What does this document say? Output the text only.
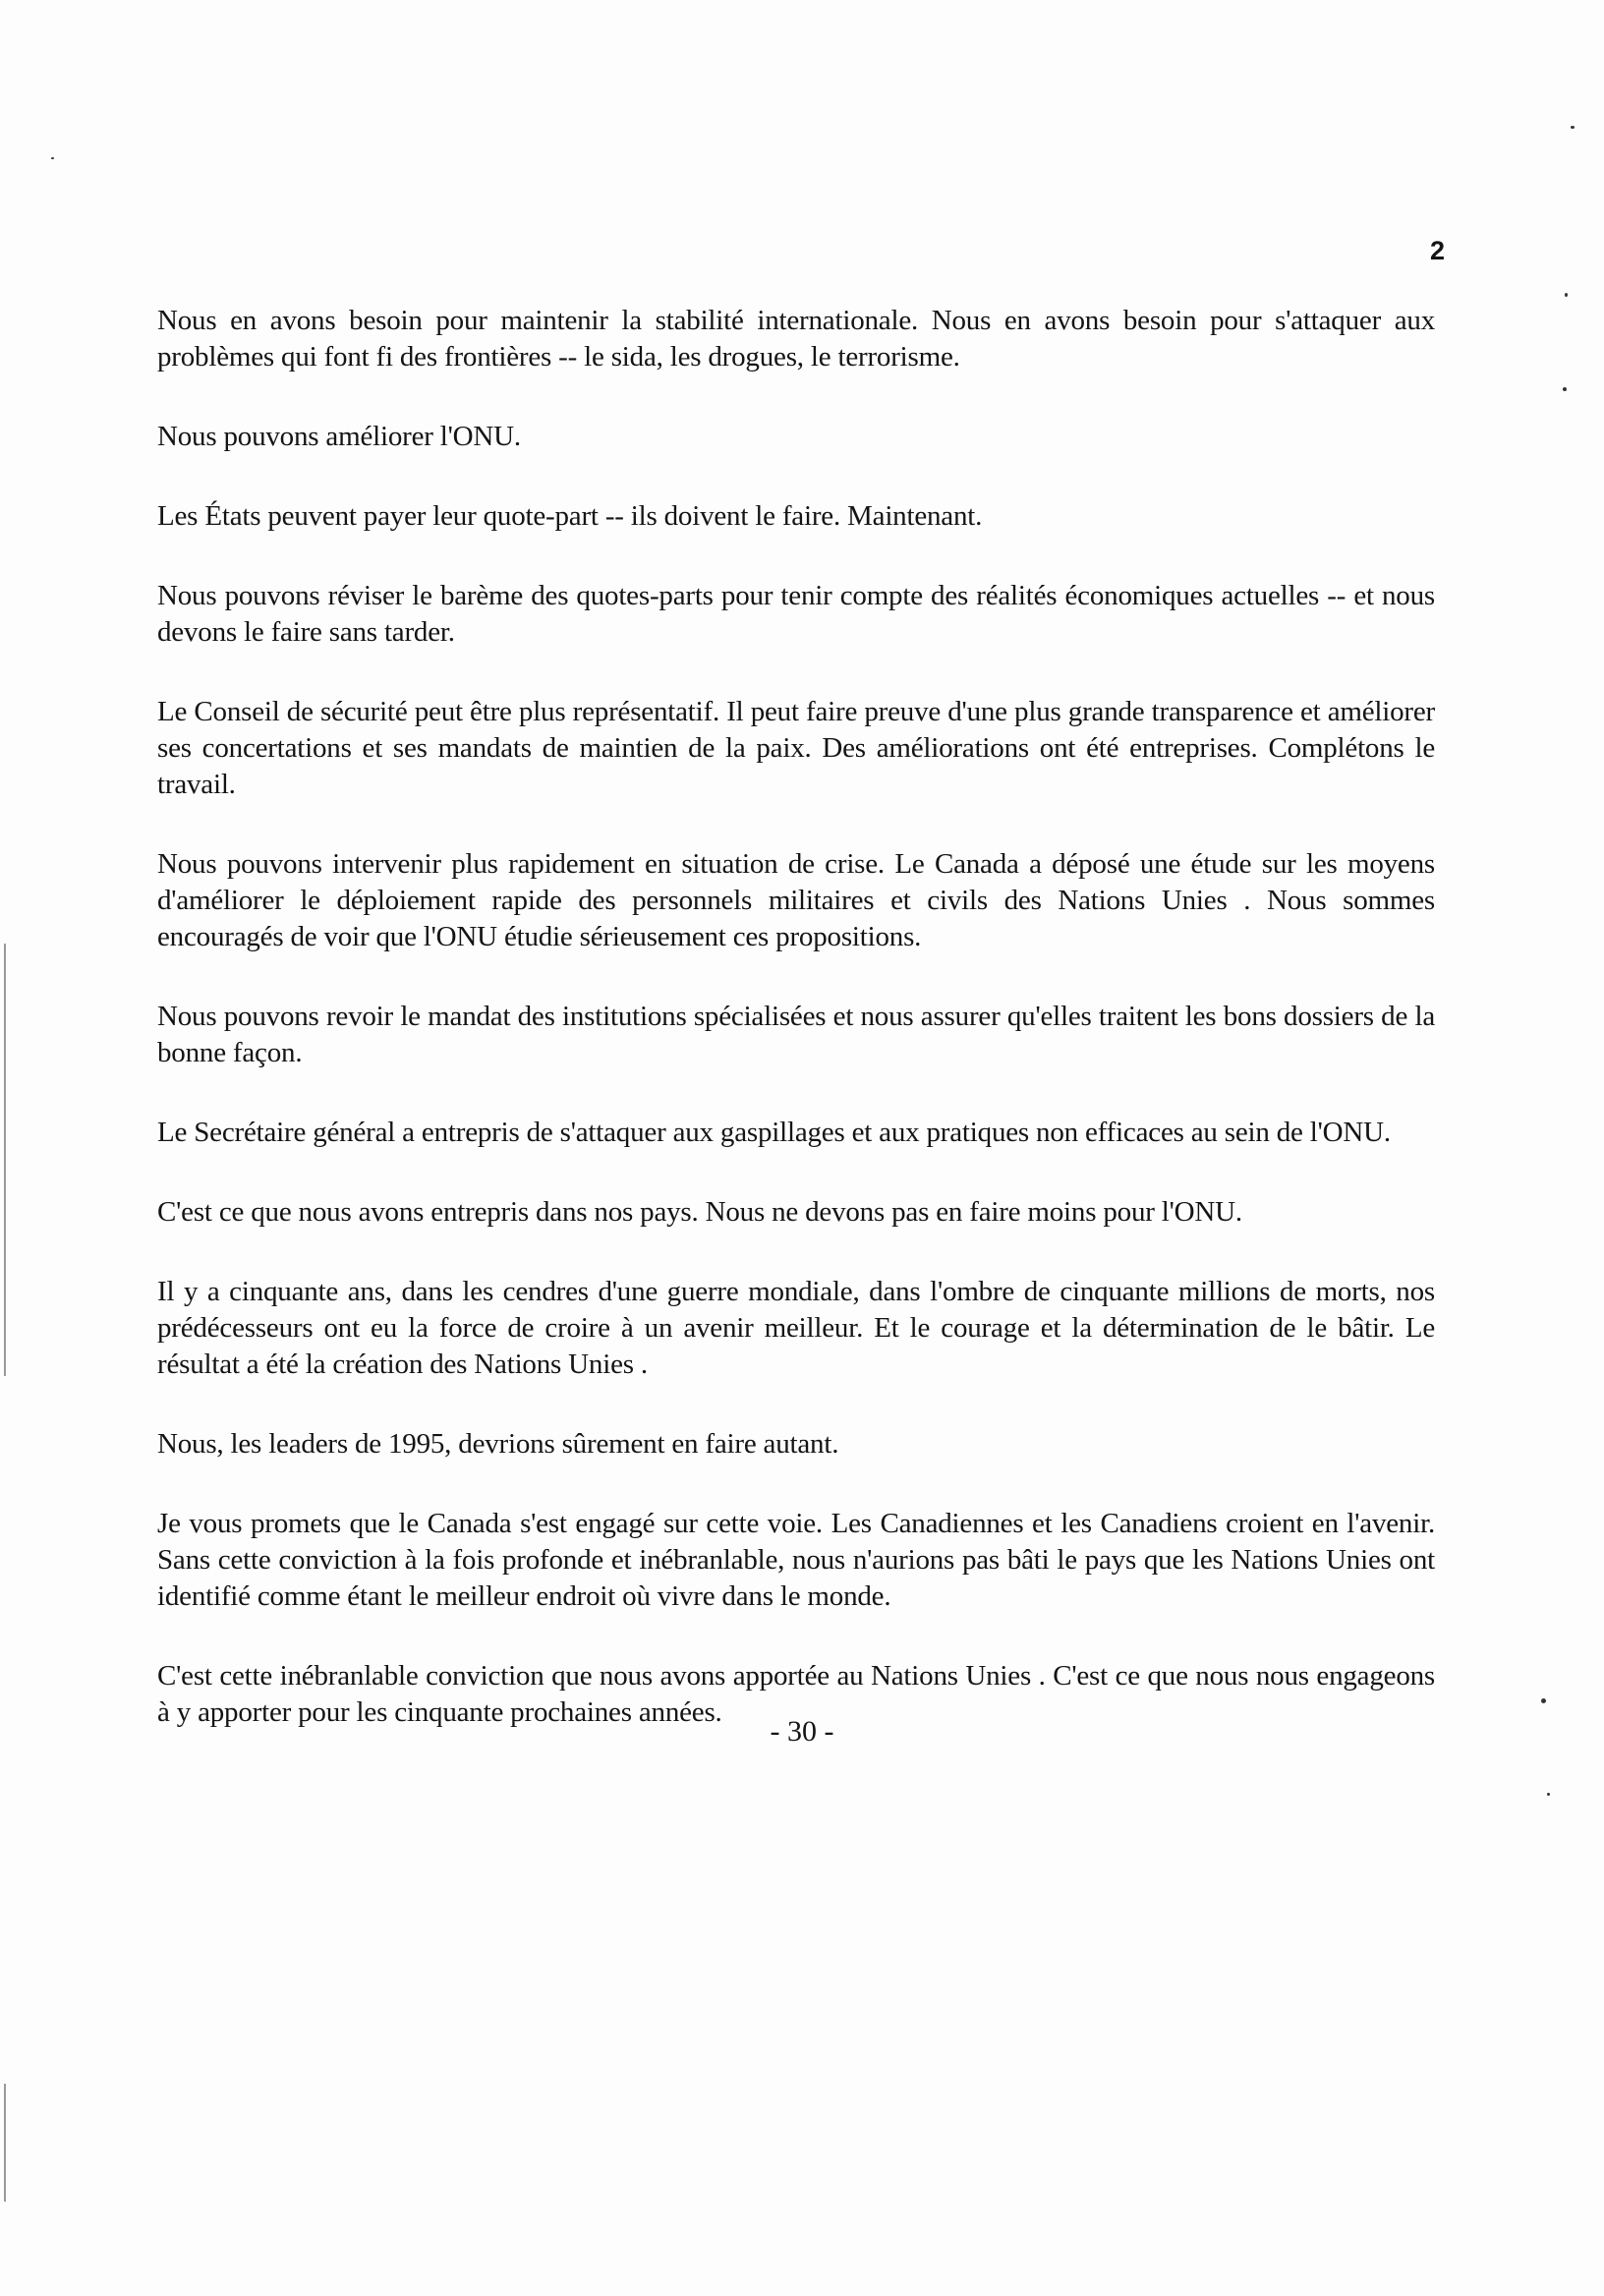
2

Nous en avons besoin pour maintenir la stabilité internationale. Nous en avons besoin pour s'attaquer aux problèmes qui font fi des frontières -- le sida, les drogues, le terrorisme.

Nous pouvons améliorer l'ONU.

Les États peuvent payer leur quote-part -- ils doivent le faire. Maintenant.

Nous pouvons réviser le barème des quotes-parts pour tenir compte des réalités économiques actuelles -- et nous devons le faire sans tarder.

Le Conseil de sécurité peut être plus représentatif. Il peut faire preuve d'une plus grande transparence et améliorer ses concertations et ses mandats de maintien de la paix. Des améliorations ont été entreprises. Complétons le travail.

Nous pouvons intervenir plus rapidement en situation de crise. Le Canada a déposé une étude sur les moyens d'améliorer le déploiement rapide des personnels militaires et civils des Nations Unies . Nous sommes encouragés de voir que l'ONU étudie sérieusement ces propositions.

Nous pouvons revoir le mandat des institutions spécialisées et nous assurer qu'elles traitent les bons dossiers de la bonne façon.

Le Secrétaire général a entrepris de s'attaquer aux gaspillages et aux pratiques non efficaces au sein de l'ONU.

C'est ce que nous avons entrepris dans nos pays. Nous ne devons pas en faire moins pour l'ONU.

Il y a cinquante ans, dans les cendres d'une guerre mondiale, dans l'ombre de cinquante millions de morts, nos prédécesseurs ont eu la force de croire à un avenir meilleur. Et le courage et la détermination de le bâtir. Le résultat a été la création des Nations Unies .

Nous, les leaders de 1995, devrions sûrement en faire autant.

Je vous promets que le Canada s'est engagé sur cette voie. Les Canadiennes et les Canadiens croient en l'avenir. Sans cette conviction à la fois profonde et inébranlable, nous n'aurions pas bâti le pays que les Nations Unies ont identifié comme étant le meilleur endroit où vivre dans le monde.

C'est cette inébranlable conviction que nous avons apportée au Nations Unies . C'est ce que nous nous engageons à y apporter pour les cinquante prochaines années.

- 30 -
